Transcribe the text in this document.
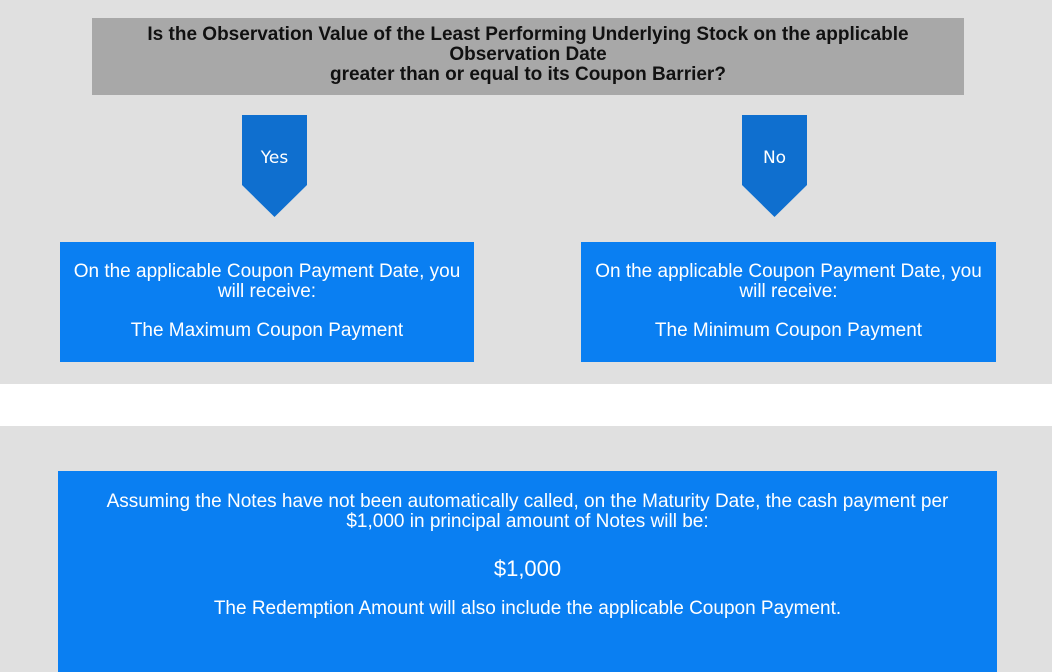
Is the Observation Value of the Least Performing Underlying Stock on the applicable
Observation Date
greater than or equal to its Coupon Barrier?
Yes	No
On the applicable Coupon Payment Date, you
will receive:
The Maximum Coupon Payment
On the applicable Coupon Payment Date, you
will receive:
The Minimum Coupon Payment
Assuming the Notes have not been automatically called, on the Maturity Date, the cash payment per
$1,000 in principal amount of Notes will be:
$1,000
The Redemption Amount will also include the applicable Coupon Payment.
